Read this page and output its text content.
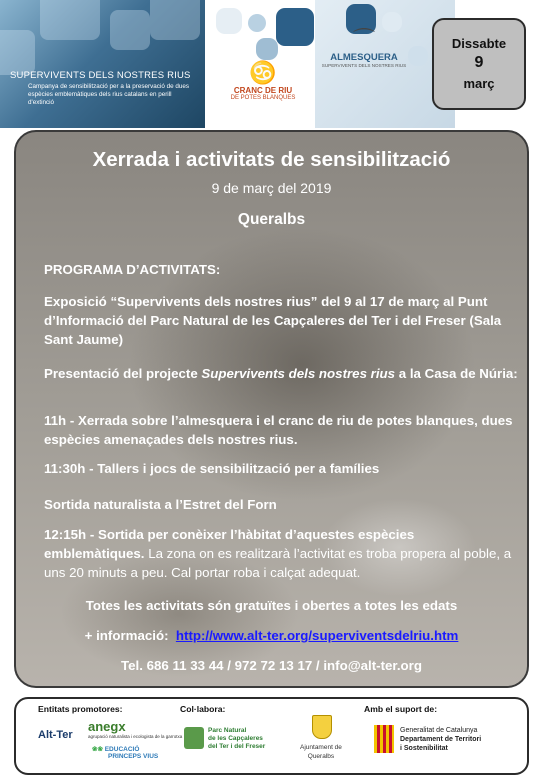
SUPERVIVENTS DELS NOSTRES RIUS
Campanya de sensibilització per a la preservació de dues espècies emblemàtiques dels rius catalans en perill d'extinció
♋
CRANC DE RIU
DE POTES BLANQUES
⌒
ALMESQUERA
SUPERVIVENTS DELS NOSTRES RIUS
Dissabte
9
març
Xerrada i activitats de sensibilització
9 de març del 2019
Queralbs
PROGRAMA D’ACTIVITATS:
Exposició “Supervivents dels nostres rius” del 9 al 17 de març al Punt d’Informació del Parc Natural de les Capçaleres del Ter i del Freser (Sala Sant Jaume)
Presentació del projecte Supervivents dels nostres rius a la Casa de Núria:
11h - Xerrada sobre l’almesquera i el cranc de riu de potes blanques, dues espècies amenaçades dels nostres rius.
11:30h - Tallers i jocs de sensibilització per a famílies
Sortida naturalista a l’Estret del Forn
12:15h - Sortida per conèixer l’hàbitat d’aquestes espècies emblemàtiques. La zona on es realitzarà l’activitat es troba propera al poble, a uns 20 minuts a peu. Cal portar roba i calçat adequat.
Totes les activitats són gratuïtes i obertes a totes les edats
+ informació: http://www.alt-ter.org/superviventsdelriu.htm
Tel. 686 11 33 44 / 972 72 13 17 / info@alt-ter.org
Entitats promotores:	Col·labora:	Amb el suport de:
Alt-Ter
anegx
agrupació naturalista i ecologista de la garrotxa
❀❀ EDUCACIÓ
PRINCEPS VIUS
Parc Natural
de les Capçaleres
del Ter i del Freser	Ajuntament de
Queralbs
Generalitat de Catalunya
Departament de Territori
i Sostenibilitat
